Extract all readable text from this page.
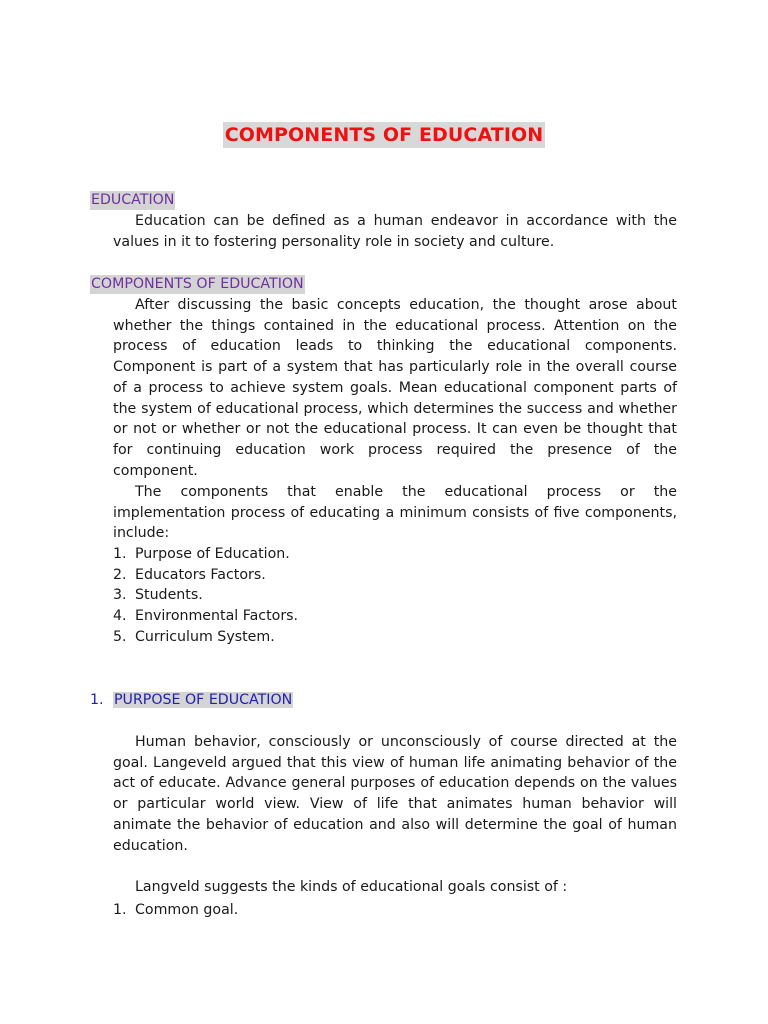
COMPONENTS OF EDUCATION
EDUCATION

Education can be defined as a human endeavor in accordance with the values in it to fostering personality role in society and culture.

COMPONENTS OF EDUCATION

After discussing the basic concepts education, the thought arose about whether the things contained in the educational process. Attention on the process of education leads to thinking the educational components. Component is part of a system that has particularly role in the overall course of a process to achieve system goals. Mean educational component parts of the system of educational process, which determines the success and whether or not or whether or not the educational process. It can even be thought that for continuing education work process required the presence of the component.

The components that enable the educational process or the implementation process of educating a minimum consists of five components, include:

1. Purpose of Education.
2. Educators Factors.
3. Students.
4. Environmental Factors.
5. Curriculum System.
1. PURPOSE OF EDUCATION

Human behavior, consciously or unconsciously of course directed at the goal. Langeveld argued that this view of human life animating behavior of the act of educate. Advance general purposes of education depends on the values or particular world view. View of life that animates human behavior will animate the behavior of education and also will determine the goal of human education.

Langveld suggests the kinds of educational goals consist of :

1. Common goal.
